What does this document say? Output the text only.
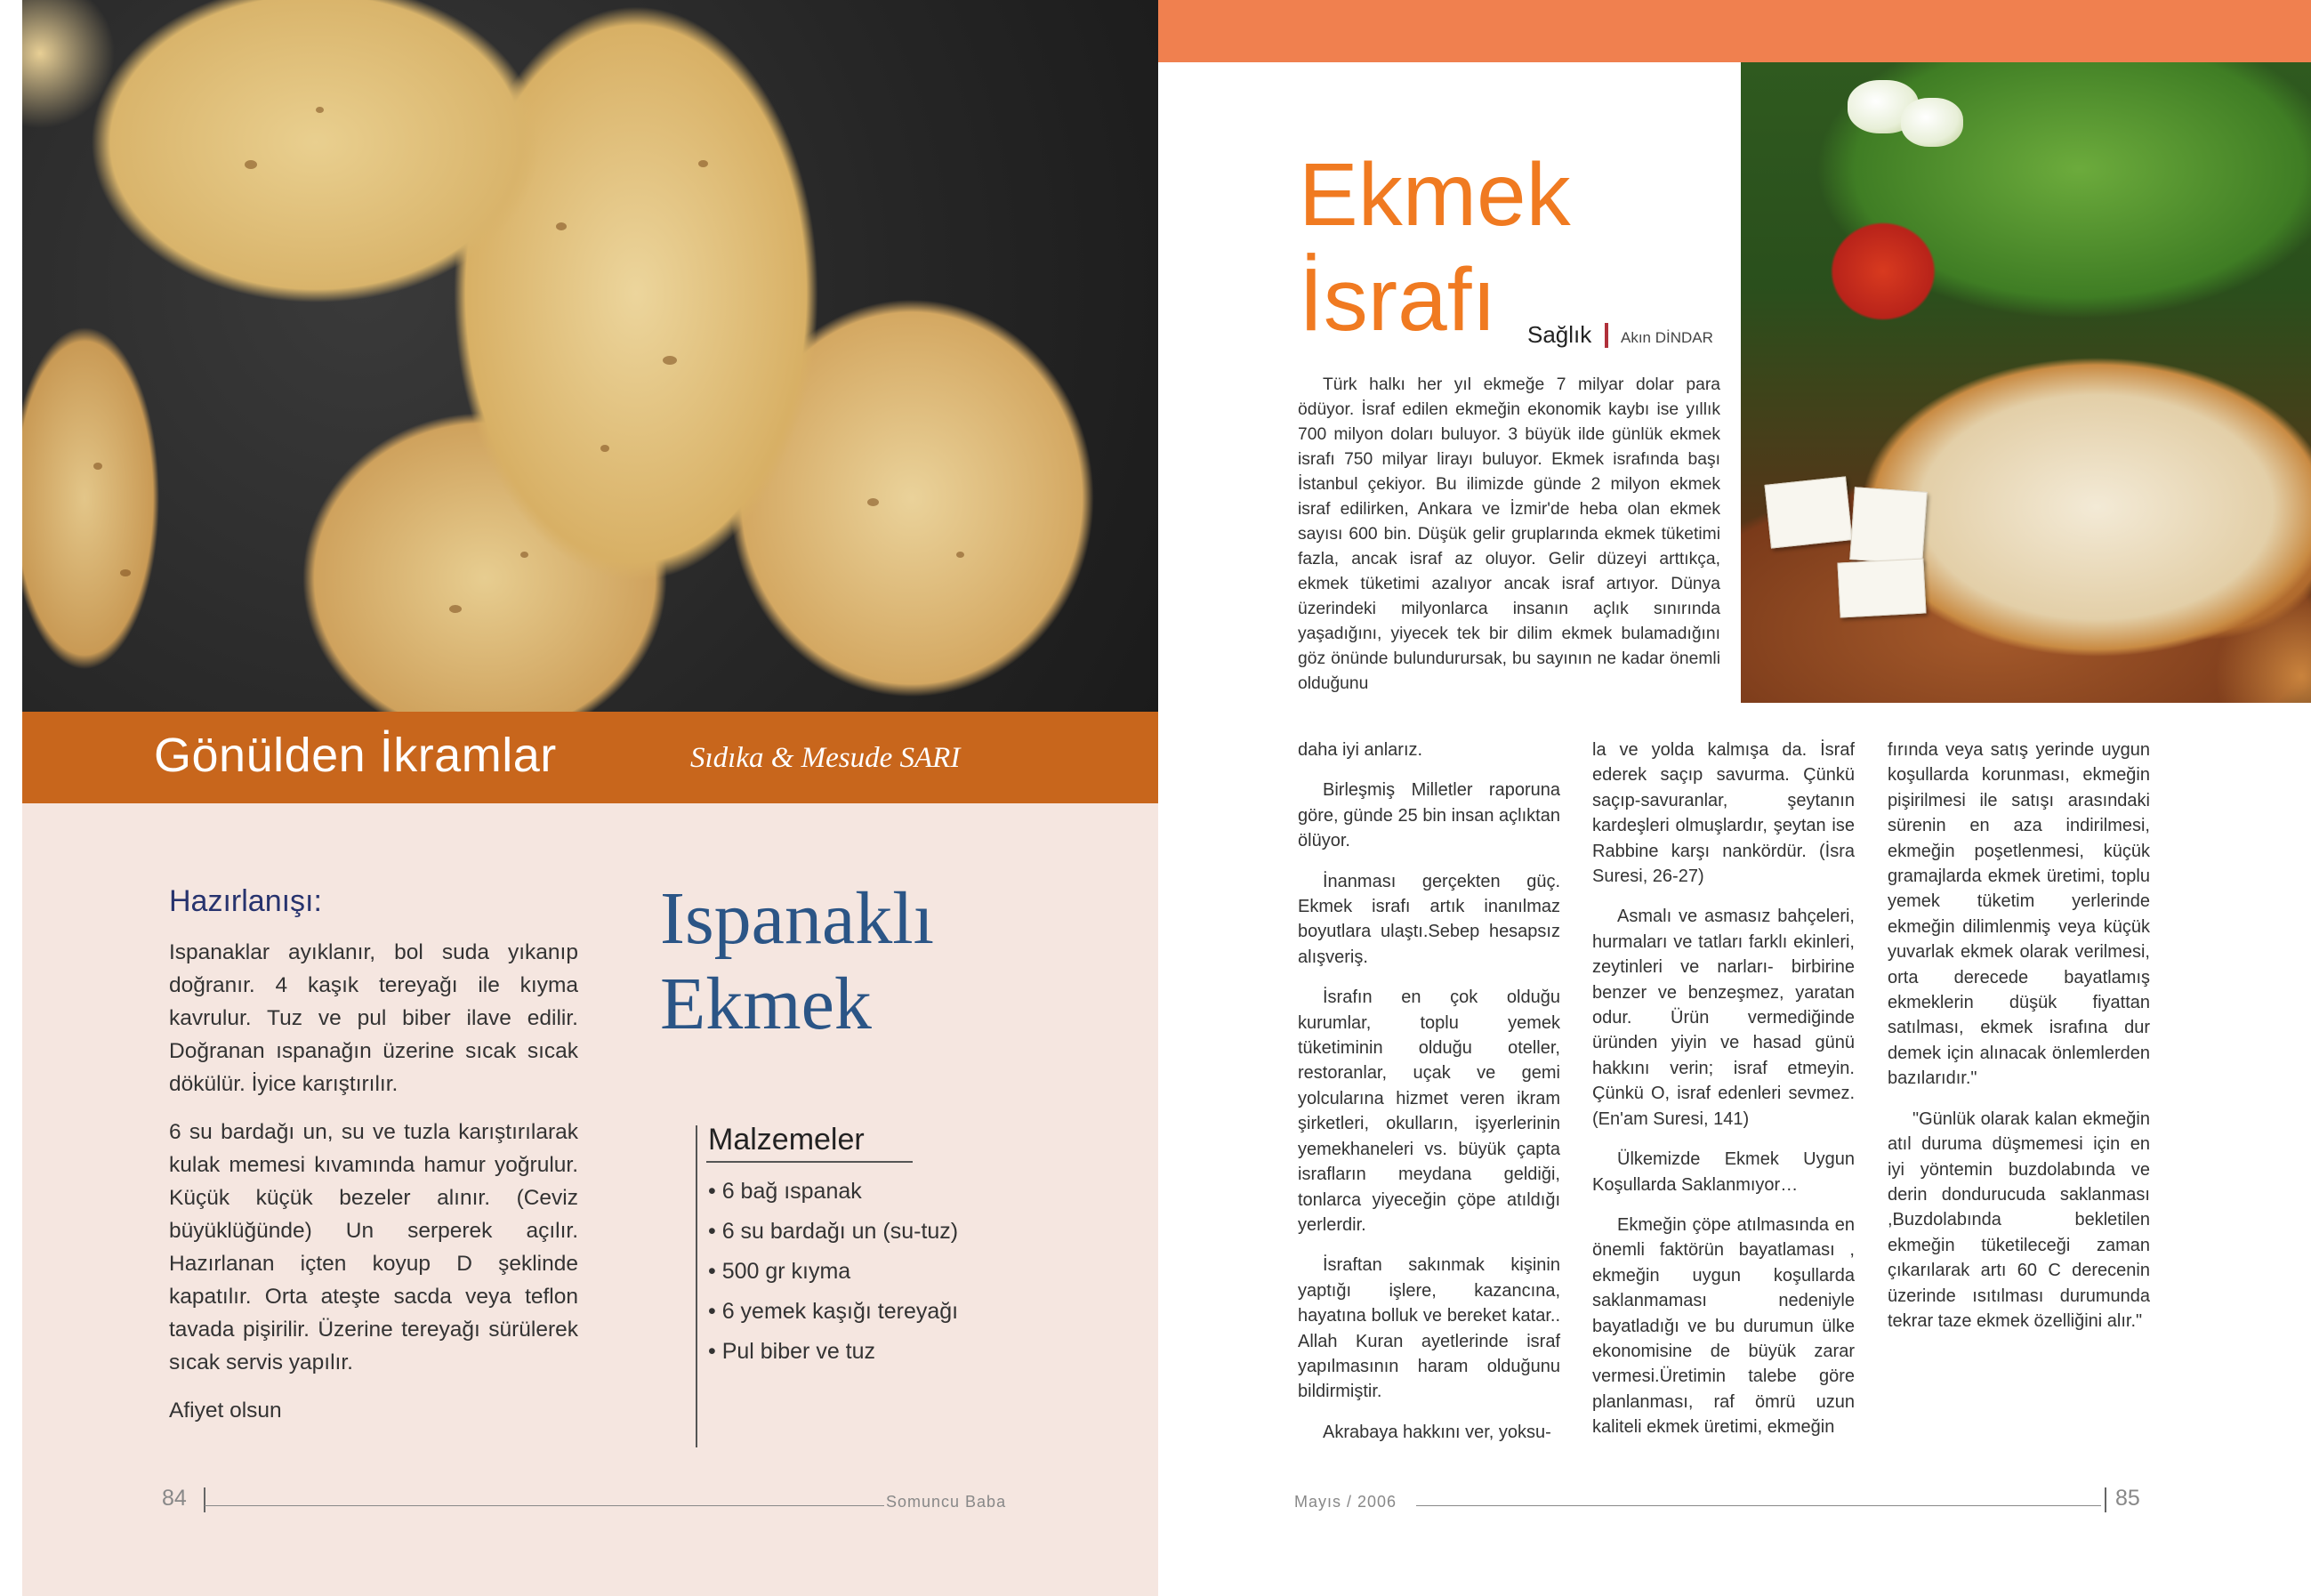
Gönülden İkramlar	Sıdıka & Mesude SARI
Hazırlanışı:

Ispanaklar ayıklanır, bol suda yıkanıp doğranır. 4 kaşık tereyağı ile kıyma kavrulur. Tuz ve pul biber ilave edilir. Doğranan ıspanağın üzerine sıcak sıcak dökülür. İyice karıştırılır.

6 su bardağı un, su ve tuzla karıştırılarak kulak memesi kıvamında hamur yoğrulur. Küçük küçük bezeler alınır. (Ceviz büyüklüğünde) Un serperek açılır. Hazırlanan içten koyup D şeklinde kapatılır. Orta ateşte sacda veya teflon tavada pişirilir. Üzerine tereyağı sürülerek sıcak servis yapılır.

Afiyet olsun

Ispanaklı
Ekmek
Malzemeler
• 6 bağ ıspanak
• 6 su bardağı un (su-tuz)
• 500 gr kıyma
• 6 yemek kaşığı tereyağı
• Pul biber ve tuz
84	Somuncu Baba
Ekmek
İsrafı	Sağlık Akın DİNDAR

Türk halkı her yıl ekmeğe 7 milyar dolar para ödüyor. İsraf edilen ekmeğin ekonomik kaybı ise yıllık 700 milyon doları buluyor. 3 büyük ilde günlük ekmek israfı 750 milyar lirayı buluyor. Ekmek israfında başı İstanbul çekiyor. Bu ilimizde günde 2 milyon ekmek israf edilirken, Ankara ve İzmir'de heba olan ekmek sayısı 600 bin. Düşük gelir gruplarında ekmek tüketimi fazla, ancak israf az oluyor. Gelir düzeyi arttıkça, ekmek tüketimi azalıyor ancak israf artıyor. Dünya üzerindeki milyonlarca insanın açlık sınırında yaşadığını, yiyecek tek bir dilim ekmek bulamadığını göz önünde bulundurursak, bu sayının ne kadar önemli olduğunu

daha iyi anlarız.

Birleşmiş Milletler raporuna göre, günde 25 bin insan açlıktan ölüyor.

İnanması gerçekten güç. Ekmek israfı artık inanılmaz boyutlara ulaştı.Sebep hesapsız alışveriş.

İsrafın en çok olduğu kurumlar, toplu yemek tüketiminin olduğu oteller, restoranlar, uçak ve gemi yolcularına hizmet veren ikram şirketleri, okulların, işyerlerinin yemekhaneleri vs. büyük çapta israfların meydana geldiği, tonlarca yiyeceğin çöpe atıldığı yerlerdir.

İsraftan sakınmak kişinin yaptığı işlere, kazancına, hayatına bolluk ve bereket katar.. Allah Kuran ayetlerinde israf yapılmasının haram olduğunu bildirmiştir.

Akrabaya hakkını ver, yoksu-

la ve yolda kalmışa da. İsraf ederek saçıp savurma. Çünkü saçıp-savuranlar, şeytanın kardeşleri olmuşlardır, şeytan ise Rabbine karşı nankördür. (İsra Suresi, 26-27)

Asmalı ve asmasız bahçeleri, hurmaları ve tatları farklı ekinleri, zeytinleri ve narları- birbirine benzer ve benzeşmez, yaratan odur. Ürün vermediğinde üründen yiyin ve hasad günü hakkını verin; israf etmeyin. Çünkü O, israf edenleri sevmez. (En'am Suresi, 141)

Ülkemizde Ekmek Uygun Koşullarda Saklanmıyor…

Ekmeğin çöpe atılmasında en önemli faktörün bayatlaması , ekmeğin uygun koşullarda saklanmaması nedeniyle bayatladığı ve bu durumun ülke ekonomisine de büyük zarar vermesi.Üretimin talebe göre planlanması, raf ömrü uzun kaliteli ekmek üretimi, ekmeğin

fırında veya satış yerinde uygun koşullarda korunması, ekmeğin pişirilmesi ile satışı arasındaki sürenin en aza indirilmesi, ekmeğin poşetlenmesi, küçük gramajlarda ekmek üretimi, toplu yemek tüketim yerlerinde ekmeğin dilimlenmiş veya küçük yuvarlak ekmek olarak verilmesi, orta derecede bayatlamış ekmeklerin düşük fiyattan satılması, ekmek israfına dur demek için alınacak önlemlerden bazılarıdır."

"Günlük olarak kalan ekmeğin atıl duruma düşmemesi için en iyi yöntemin buzdolabında ve derin dondurucuda saklanması ,Buzdolabında bekletilen ekmeğin tüketileceği zaman çıkarılarak artı 60 C derecenin üzerinde ısıtılması durumunda tekrar taze ekmek özelliğini alır."

Mayıs / 2006	85
